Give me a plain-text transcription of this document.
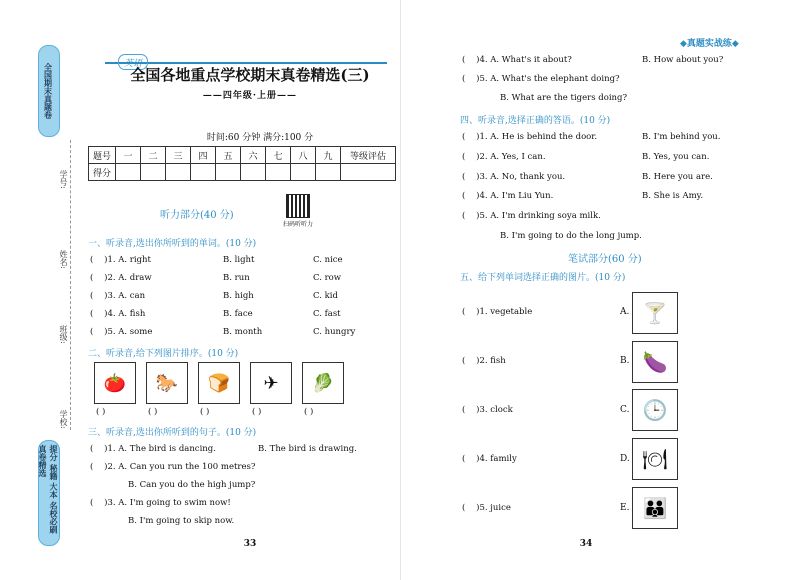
全国期末真题卷
学号:
姓名:
班级:
学校:
提分 秘籍 大本 名校必刷 真卷精选
英语
全国各地重点学校期末真卷精选(三)
——四年级·上册——
时间:60 分钟 满分:100 分
题号	一	二	三	四	五	六	七	八	九	等级评估
得分										
听力部分(40 分)
扫码听听力
一、听录音,选出你所听到的单词。(10 分)
(    )1. A. right	B. light	C. nice
(    )2. A. draw	B. run	C. row
(    )3. A. can	B. high	C. kid
(    )4. A. fish	B. face	C. fast
(    )5. A. some	B. month	C. hungry
二、听录音,给下列图片排序。(10 分)
🍅	🐎	🍞	✈	🥬
( )	( )	( )	( )	( )
三、听录音,选出你所听到的句子。(10 分)
(    )1. A. The bird is dancing.	B. The bird is drawing.
(    )2. A. Can you run the 100 metres?
B. Can you do the high jump?
(    )3. A. I'm going to swim now!
B. I'm going to skip now.
33
◆真题实战练◆
(    )4. A. What's it about?	B. How about you?
(    )5. A. What's the elephant doing?
B. What are the tigers doing?
四、听录音,选择正确的答语。(10 分)
(    )1. A. He is behind the door.	B. I'm behind you.
(    )2. A. Yes, I can.	B. Yes, you can.
(    )3. A. No, thank you.	B. Here you are.
(    )4. A. I'm Liu Yun.	B. She is Amy.
(    )5. A. I'm drinking soya milk.
B. I'm going to do the long jump.
笔试部分(60 分)
五、给下列单词选择正确的图片。(10 分)
(    )1. vegetable	A. 🍸
(    )2. fish	B. 🍆
(    )3. clock	C. 🕒
(    )4. family	D. 🍽
(    )5. juice	E. 👪
34
